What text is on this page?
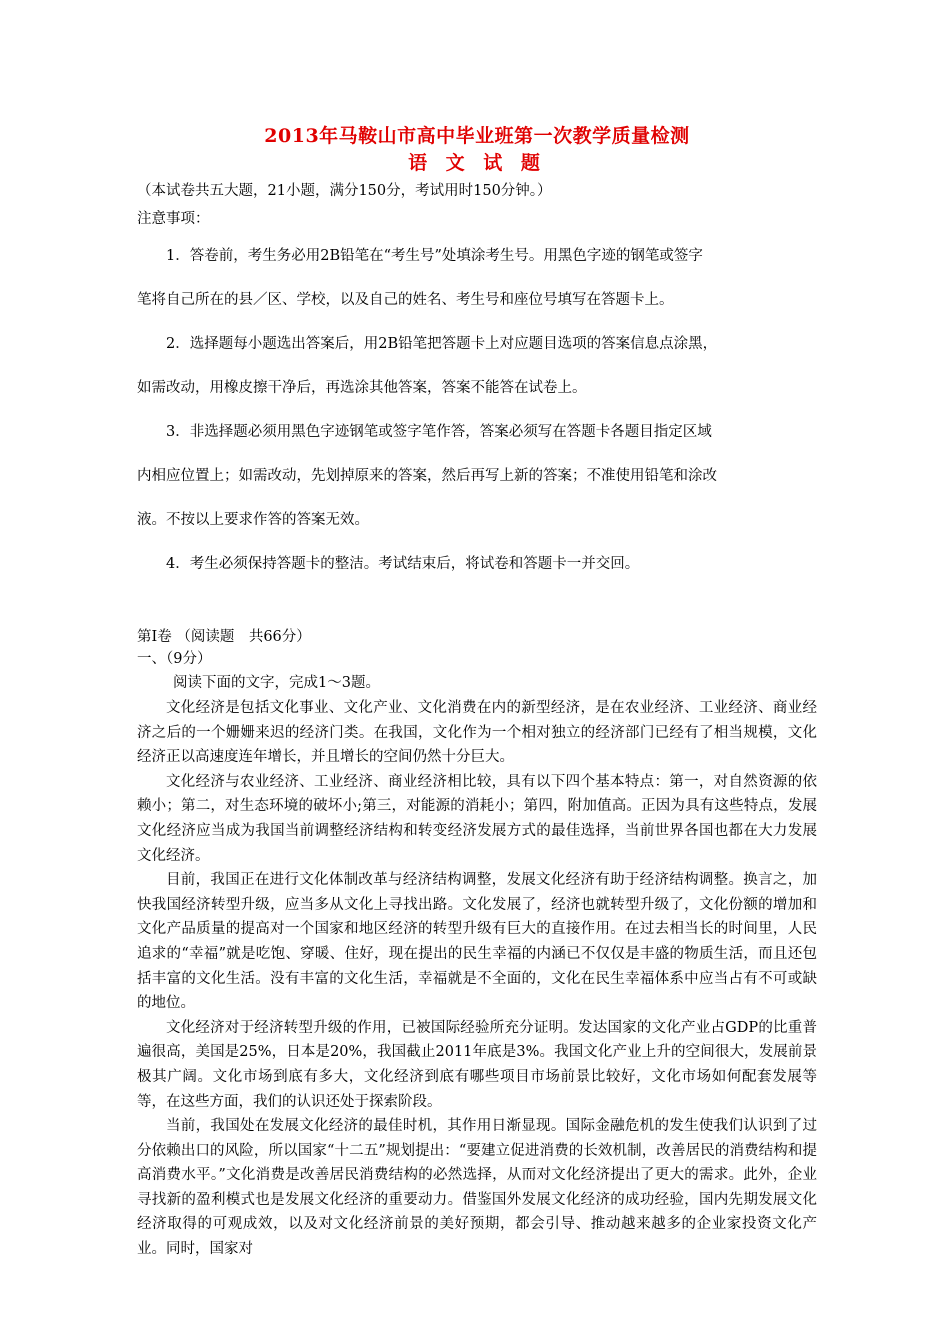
2013年马鞍山市高中毕业班第一次教学质量检测
语 文 试 题

（本试卷共五大题，21小题，满分150分，考试用时150分钟。）

注意事项：

1．答卷前，考生务必用2B铅笔在“考生号”处填涂考生号。用黑色字迹的钢笔或签字

笔将自己所在的县／区、学校，以及自己的姓名、考生号和座位号填写在答题卡上。

2．选择题每小题选出答案后，用2B铅笔把答题卡上对应题目选项的答案信息点涂黑，

如需改动，用橡皮擦干净后，再选涂其他答案，答案不能答在试卷上。

3．非选择题必须用黑色字迹钢笔或签字笔作答，答案必须写在答题卡各题目指定区域

内相应位置上；如需改动，先划掉原来的答案，然后再写上新的答案；不准使用铅笔和涂改

液。不按以上要求作答的答案无效。

4．考生必须保持答题卡的整洁。考试结束后，将试卷和答题卡一并交回。

第Ⅰ卷 （阅读题　共66分）

一、（9分）

阅读下面的文字，完成1～3题。

文化经济是包括文化事业、文化产业、文化消费在内的新型经济，是在农业经济、工业经济、商业经济之后的一个姗姗来迟的经济门类。在我国，文化作为一个相对独立的经济部门已经有了相当规模，文化经济正以高速度连年增长，并且增长的空间仍然十分巨大。

文化经济与农业经济、工业经济、商业经济相比较，具有以下四个基本特点：第一，对自然资源的依赖小；第二，对生态环境的破坏小;第三，对能源的消耗小；第四，附加值高。正因为具有这些特点，发展文化经济应当成为我国当前调整经济结构和转变经济发展方式的最佳选择，当前世界各国也都在大力发展文化经济。

目前，我国正在进行文化体制改革与经济结构调整，发展文化经济有助于经济结构调整。换言之，加快我国经济转型升级，应当多从文化上寻找出路。文化发展了，经济也就转型升级了，文化份额的增加和文化产品质量的提高对一个国家和地区经济的转型升级有巨大的直接作用。在过去相当长的时间里，人民追求的“幸福”就是吃饱、穿暖、住好，现在提出的民生幸福的内涵已不仅仅是丰盛的物质生活，而且还包括丰富的文化生活。没有丰富的文化生活，幸福就是不全面的，文化在民生幸福体系中应当占有不可或缺的地位。

文化经济对于经济转型升级的作用，已被国际经验所充分证明。发达国家的文化产业占GDP的比重普遍很高，美国是25%，日本是20%，我国截止2011年底是3%。我国文化产业上升的空间很大，发展前景极其广阔。文化市场到底有多大，文化经济到底有哪些项目市场前景比较好，文化市场如何配套发展等等，在这些方面，我们的认识还处于探索阶段。

当前，我国处在发展文化经济的最佳时机，其作用日渐显现。国际金融危机的发生使我们认识到了过分依赖出口的风险，所以国家“十二五”规划提出：“要建立促进消费的长效机制，改善居民的消费结构和提高消费水平。”文化消费是改善居民消费结构的必然选择，从而对文化经济提出了更大的需求。此外，企业寻找新的盈利模式也是发展文化经济的重要动力。借鉴国外发展文化经济的成功经验，国内先期发展文化经济取得的可观成效，以及对文化经济前景的美好预期，都会引导、推动越来越多的企业家投资文化产业。同时，国家对
